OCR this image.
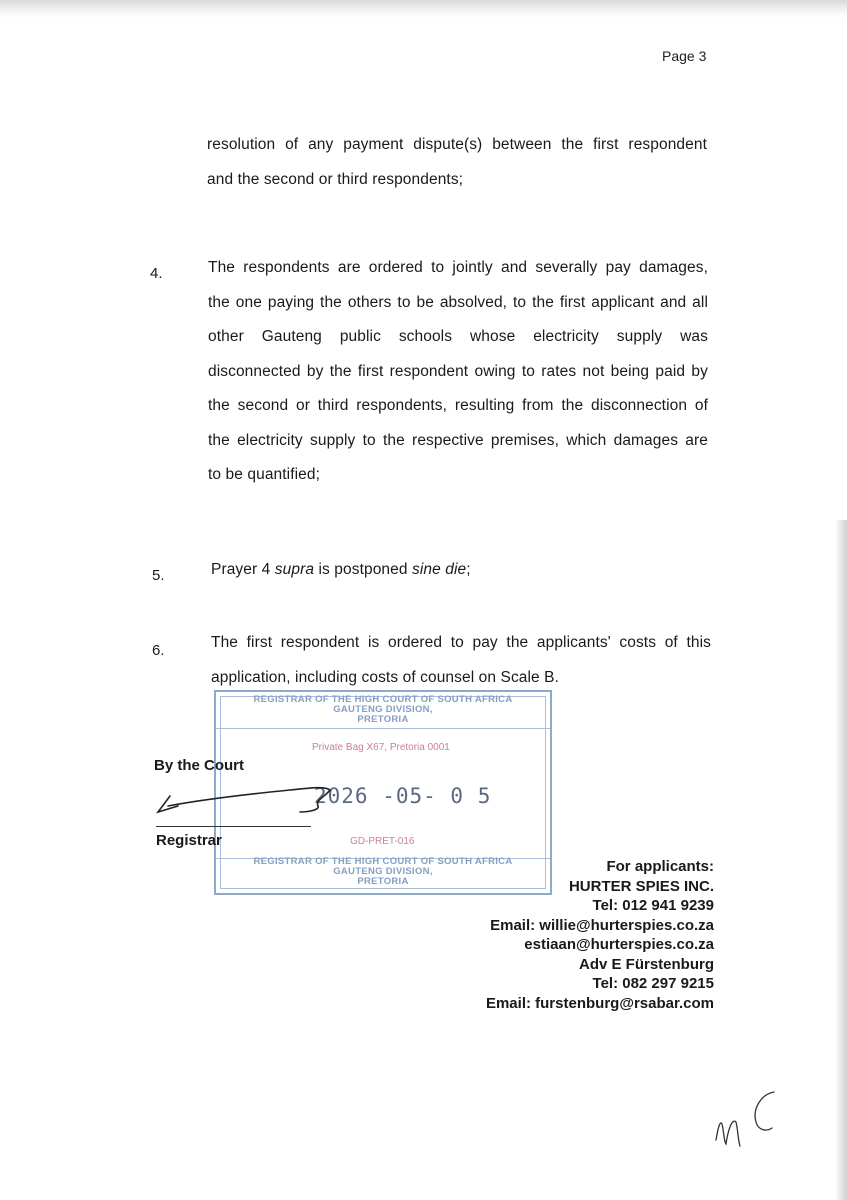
Page 3
resolution of any payment dispute(s) between the first respondent
and the second or third respondents;
4.	The respondents are ordered to jointly and severally pay damages,
the one paying the others to be absolved, to the first applicant and all
other Gauteng public schools whose electricity supply was
disconnected by the first respondent owing to rates not being paid by
the second or third respondents, resulting from the disconnection of
the electricity supply to the respective premises, which damages are
to be quantified;
5.	Prayer 4 supra is postponed sine die;
6.	The first respondent is ordered to pay the applicants' costs of this
application, including costs of counsel on Scale B.
REGISTRAR OF THE HIGH COURT OF SOUTH AFRICA
GAUTENG DIVISION,
PRETORIA
Private Bag X67, Pretoria 0001
2026 -05- 0 5
GD-PRET-016
REGISTRAR OF THE HIGH COURT OF SOUTH AFRICA
GAUTENG DIVISION,
PRETORIA
By the Court
Registrar
For applicants:
HURTER SPIES INC.
Tel: 012 941 9239
Email: willie@hurterspies.co.za
estiaan@hurterspies.co.za
Adv E Fürstenburg
Tel: 082 297 9215
Email: furstenburg@rsabar.com
